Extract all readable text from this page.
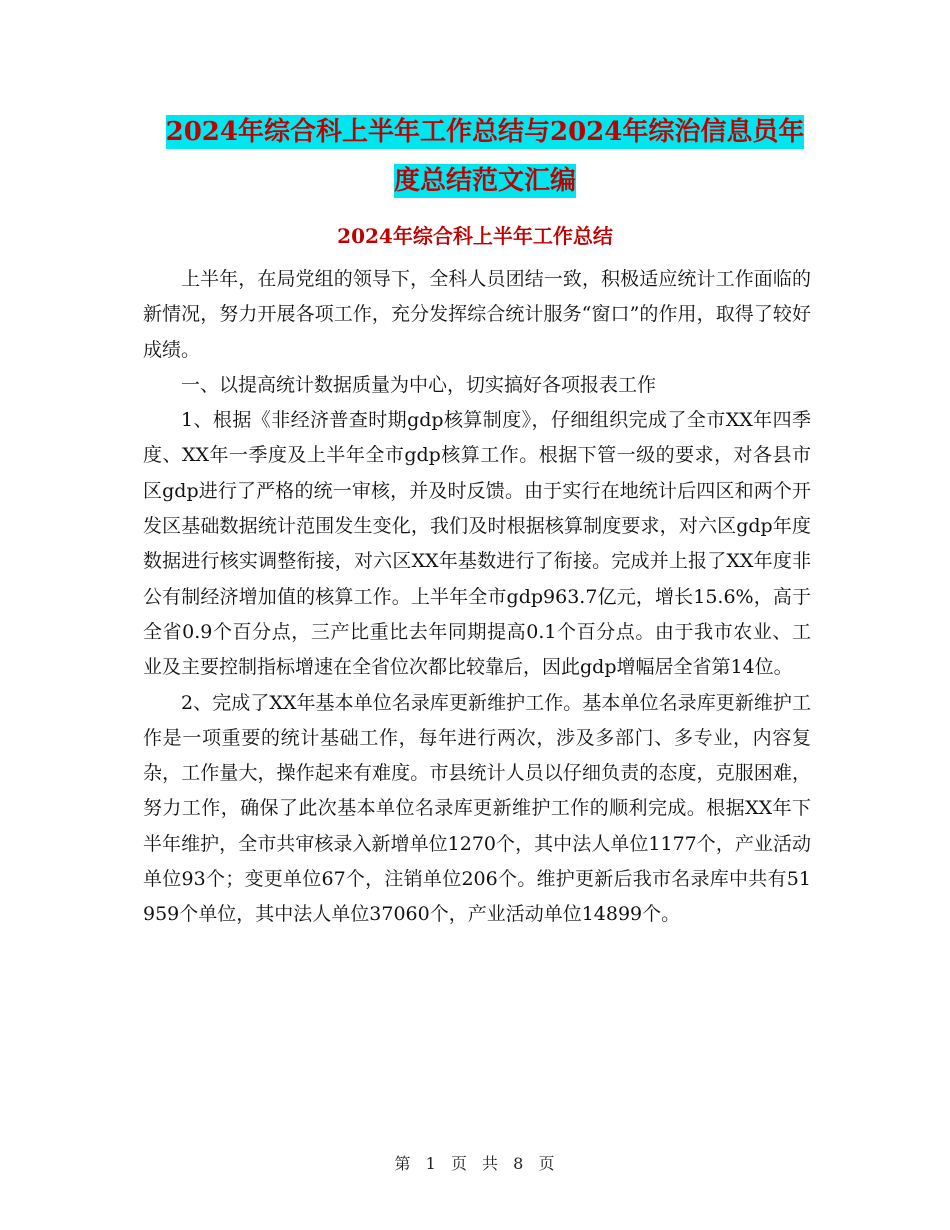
2024年综合科上半年工作总结与2024年综治信息员年
度总结范文汇编
2024年综合科上半年工作总结

上半年，在局党组的领导下，全科人员团结一致，积极适应统计工作面临的新情况，努力开展各项工作，充分发挥综合统计服务“窗口”的作用，取得了较好成绩。

一、以提高统计数据质量为中心，切实搞好各项报表工作

1、根据《非经济普查时期gdp核算制度》，仔细组织完成了全市XX年四季度、XX年一季度及上半年全市gdp核算工作。根据下管一级的要求，对各县市区gdp进行了严格的统一审核，并及时反馈。由于实行在地统计后四区和两个开发区基础数据统计范围发生变化，我们及时根据核算制度要求，对六区gdp年度数据进行核实调整衔接，对六区XX年基数进行了衔接。完成并上报了XX年度非公有制经济增加值的核算工作。上半年全市gdp963.7亿元，增长15.6%，高于全省0.9个百分点，三产比重比去年同期提高0.1个百分点。由于我市农业、工业及主要控制指标增速在全省位次都比较靠后，因此gdp增幅居全省第14位。

2、完成了XX年基本单位名录库更新维护工作。基本单位名录库更新维护工作是一项重要的统计基础工作，每年进行两次，涉及多部门、多专业，内容复杂，工作量大，操作起来有难度。市县统计人员以仔细负责的态度，克服困难，努力工作，确保了此次基本单位名录库更新维护工作的顺利完成。根据XX年下半年维护，全市共审核录入新增单位1270个，其中法人单位1177个，产业活动单位93个；变更单位67个，注销单位206个。维护更新后我市名录库中共有51959个单位，其中法人单位37060个，产业活动单位14899个。

第 1 页 共 8 页
